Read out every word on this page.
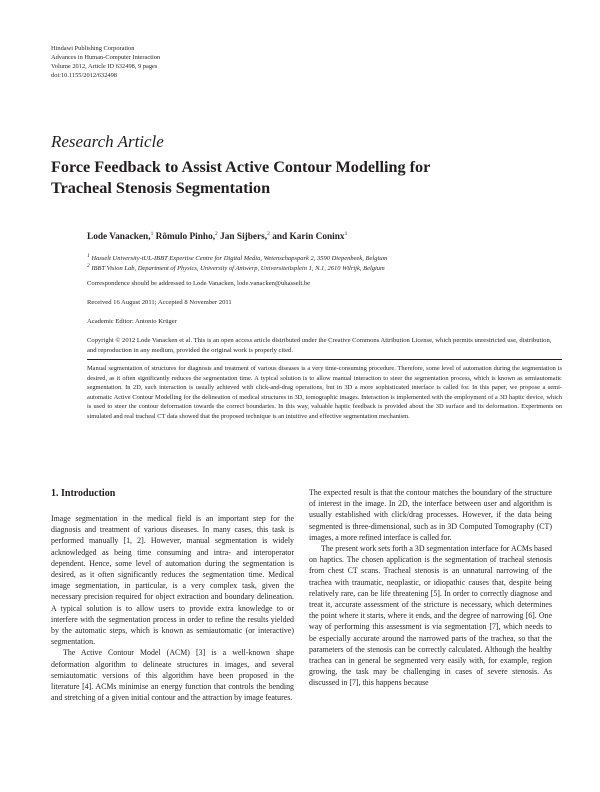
Hindawi Publishing Corporation
Advances in Human-Computer Interaction
Volume 2012, Article ID 632498, 9 pages
doi:10.1155/2012/632498
Research Article
Force Feedback to Assist Active Contour Modelling for
Tracheal Stenosis Segmentation
Lode Vanacken,$^1$ Rômulo Pinho,$^2$ Jan Sijbers,$^2$ and Karin Coninx$^1$
$^1$ Hasselt University-tUL-IBBT Expertise Centre for Digital Media, Wetenschapspark 2, 3590 Diepenbeek, Belgium
$^2$ IBBT Vision Lab, Department of Physics, University of Antwerp, Universiteitsplein 1, N.1, 2610 Wilrijk, Belgium
Correspondence should be addressed to Lode Vanacken, lode.vanacken@uhasselt.be
Received 16 August 2011; Accepted 8 November 2011
Academic Editor: Antonio Krüger
Copyright © 2012 Lode Vanacken et al. This is an open access article distributed under the Creative Commons Attribution License, which permits unrestricted use, distribution, and reproduction in any medium, provided the original work is properly cited.
Manual segmentation of structures for diagnosis and treatment of various diseases is a very time-consuming procedure. Therefore, some level of automation during the segmentation is desired, as it often significantly reduces the segmentation time. A typical solution is to allow manual interaction to steer the segmentation process, which is known as semiautomatic segmentation. In 2D, such interaction is usually achieved with click-and-drag operations, but in 3D a more sophisticated interface is called for. In this paper, we propose a semi-automatic Active Contour Modelling for the delineation of medical structures in 3D, tomographic images. Interaction is implemented with the employment of a 3D haptic device, which is used to steer the contour deformation towards the correct boundaries. In this way, valuable haptic feedback is provided about the 3D surface and its deformation. Experiments on simulated and real tracheal CT data showed that the proposed technique is an intuitive and effective segmentation mechanism.
1. Introduction

Image segmentation in the medical field is an important step for the diagnosis and treatment of various diseases. In many cases, this task is performed manually [1, 2]. However, manual segmentation is widely acknowledged as being time consuming and intra- and interoperator dependent. Hence, some level of automation during the segmentation is desired, as it often significantly reduces the segmentation time. Medical image segmentation, in particular, is a very complex task, given the necessary precision required for object extraction and boundary delineation. A typical solution is to allow users to provide extra knowledge to or interfere with the segmentation process in order to refine the results yielded by the automatic steps, which is known as semiautomatic (or interactive) segmentation.

The Active Contour Model (ACM) [3] is a well-known shape deformation algorithm to delineate structures in images, and several semiautomatic versions of this algorithm have been proposed in the literature [4]. ACMs minimise an energy function that controls the bending and stretching of a given initial contour and the attraction by image features.

The expected result is that the contour matches the boundary of the structure of interest in the image. In 2D, the interface between user and algorithm is usually established with click/drag processes. However, if the data being segmented is three-dimensional, such as in 3D Computed Tomography (CT) images, a more refined interface is called for.

The present work sets forth a 3D segmentation interface for ACMs based on haptics. The chosen application is the segmentation of tracheal stenosis from chest CT scans. Tracheal stenosis is an unnatural narrowing of the trachea with traumatic, neoplastic, or idiopathic causes that, despite being relatively rare, can be life threatening [5]. In order to correctly diagnose and treat it, accurate assessment of the stricture is necessary, which determines the point where it starts, where it ends, and the degree of narrowing [6]. One way of performing this assessment is via segmentation [7], which needs to be especially accurate around the narrowed parts of the trachea, so that the parameters of the stenosis can be correctly calculated. Although the healthy trachea can in general be segmented very easily with, for example, region growing, the task may be challenging in cases of severe stenosis. As discussed in [7], this happens because
